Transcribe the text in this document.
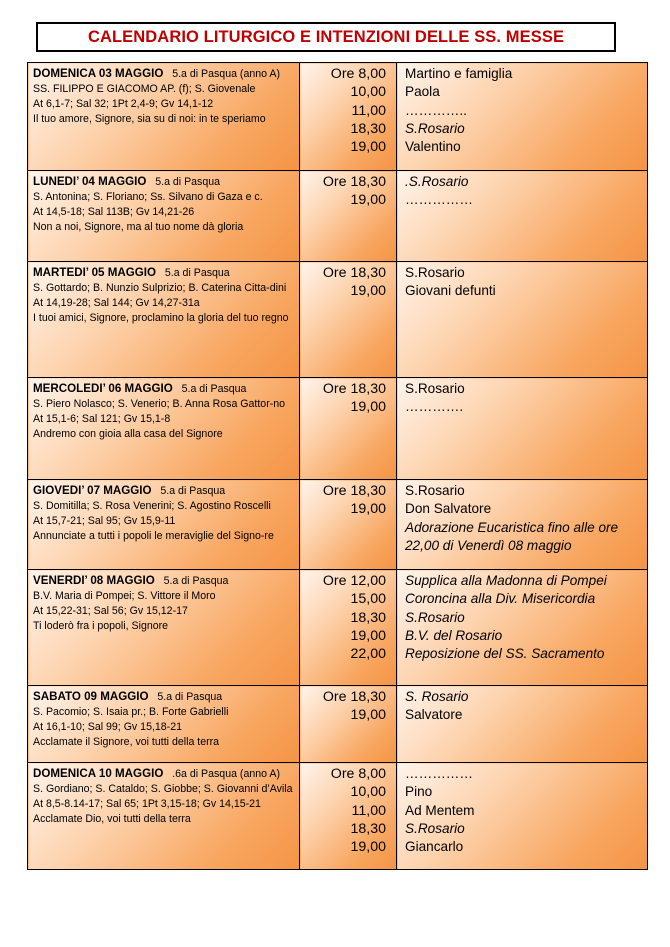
CALENDARIO LITURGICO E INTENZIONI DELLE SS. MESSE
DOMENICA 03 MAGGIO 5.a di Pasqua (anno A)
SS. FILIPPO E GIACOMO AP. (f); S. Giovenale
At 6,1-7; Sal 32; 1Pt 2,4-9; Gv 14,1-12
Il tuo amore, Signore, sia su di noi: in te speriamo	Ore 8,00
10,00
11,00
18,30
19,00	Martino e famiglia
Paola
…………..
S.Rosario
Valentino

LUNEDI’ 04 MAGGIO 5.a di Pasqua
S. Antonina; S. Floriano; Ss. Silvano di Gaza e c.
At 14,5-18; Sal 113B; Gv 14,21-26
Non a noi, Signore, ma al tuo nome dà gloria	Ore 18,30
19,00	.S.Rosario
……………

MARTEDI’ 05 MAGGIO 5.a di Pasqua
S. Gottardo; B. Nunzio Sulprizio; B. Caterina Citta-dini
At 14,19-28; Sal 144; Gv 14,27-31a
I tuoi amici, Signore, proclamino la gloria del tuo regno	Ore 18,30
19,00	S.Rosario
Giovani defunti

MERCOLEDI’ 06 MAGGIO 5.a di Pasqua
S. Piero Nolasco; S. Venerio; B. Anna Rosa Gattor-no
At 15,1-6; Sal 121; Gv 15,1-8
Andremo con gioia alla casa del Signore	Ore 18,30
19,00	S.Rosario
………….

GIOVEDI’ 07 MAGGIO 5.a di Pasqua
S. Domitilla; S. Rosa Venerini; S. Agostino Roscelli
At 15,7-21; Sal 95; Gv 15,9-11
Annunciate a tutti i popoli le meraviglie del Signo-re	Ore 18,30
19,00	S.Rosario
Don Salvatore
Adorazione Eucaristica fino alle ore 22,00 di Venerdì 08 maggio

VENERDI’ 08 MAGGIO 5.a di Pasqua
B.V. Maria di Pompei; S. Vittore il Moro
At 15,22-31; Sal 56; Gv 15,12-17
Ti loderò fra i popoli, Signore	Ore 12,00
15,00
18,30
19,00
22,00	Supplica alla Madonna di Pompei
Coroncina alla Div. Misericordia
S.Rosario
B.V. del Rosario
Reposizione del SS. Sacramento

SABATO 09 MAGGIO 5.a di Pasqua
S. Pacomio; S. Isaia pr.; B. Forte Gabrielli
At 16,1-10; Sal 99; Gv 15,18-21
Acclamate il Signore, voi tutti della terra	Ore 18,30
19,00	S. Rosario
Salvatore

DOMENICA 10 MAGGIO .6a di Pasqua (anno A)
S. Gordiano; S. Cataldo; S. Giobbe; S. Giovanni d’Avila
At 8,5-8.14-17; Sal 65; 1Pt 3,15-18; Gv 14,15-21
Acclamate Dio, voi tutti della terra	Ore 8,00
10,00
11,00
18,30
19,00	……………
Pino
Ad Mentem
S.Rosario
Giancarlo
